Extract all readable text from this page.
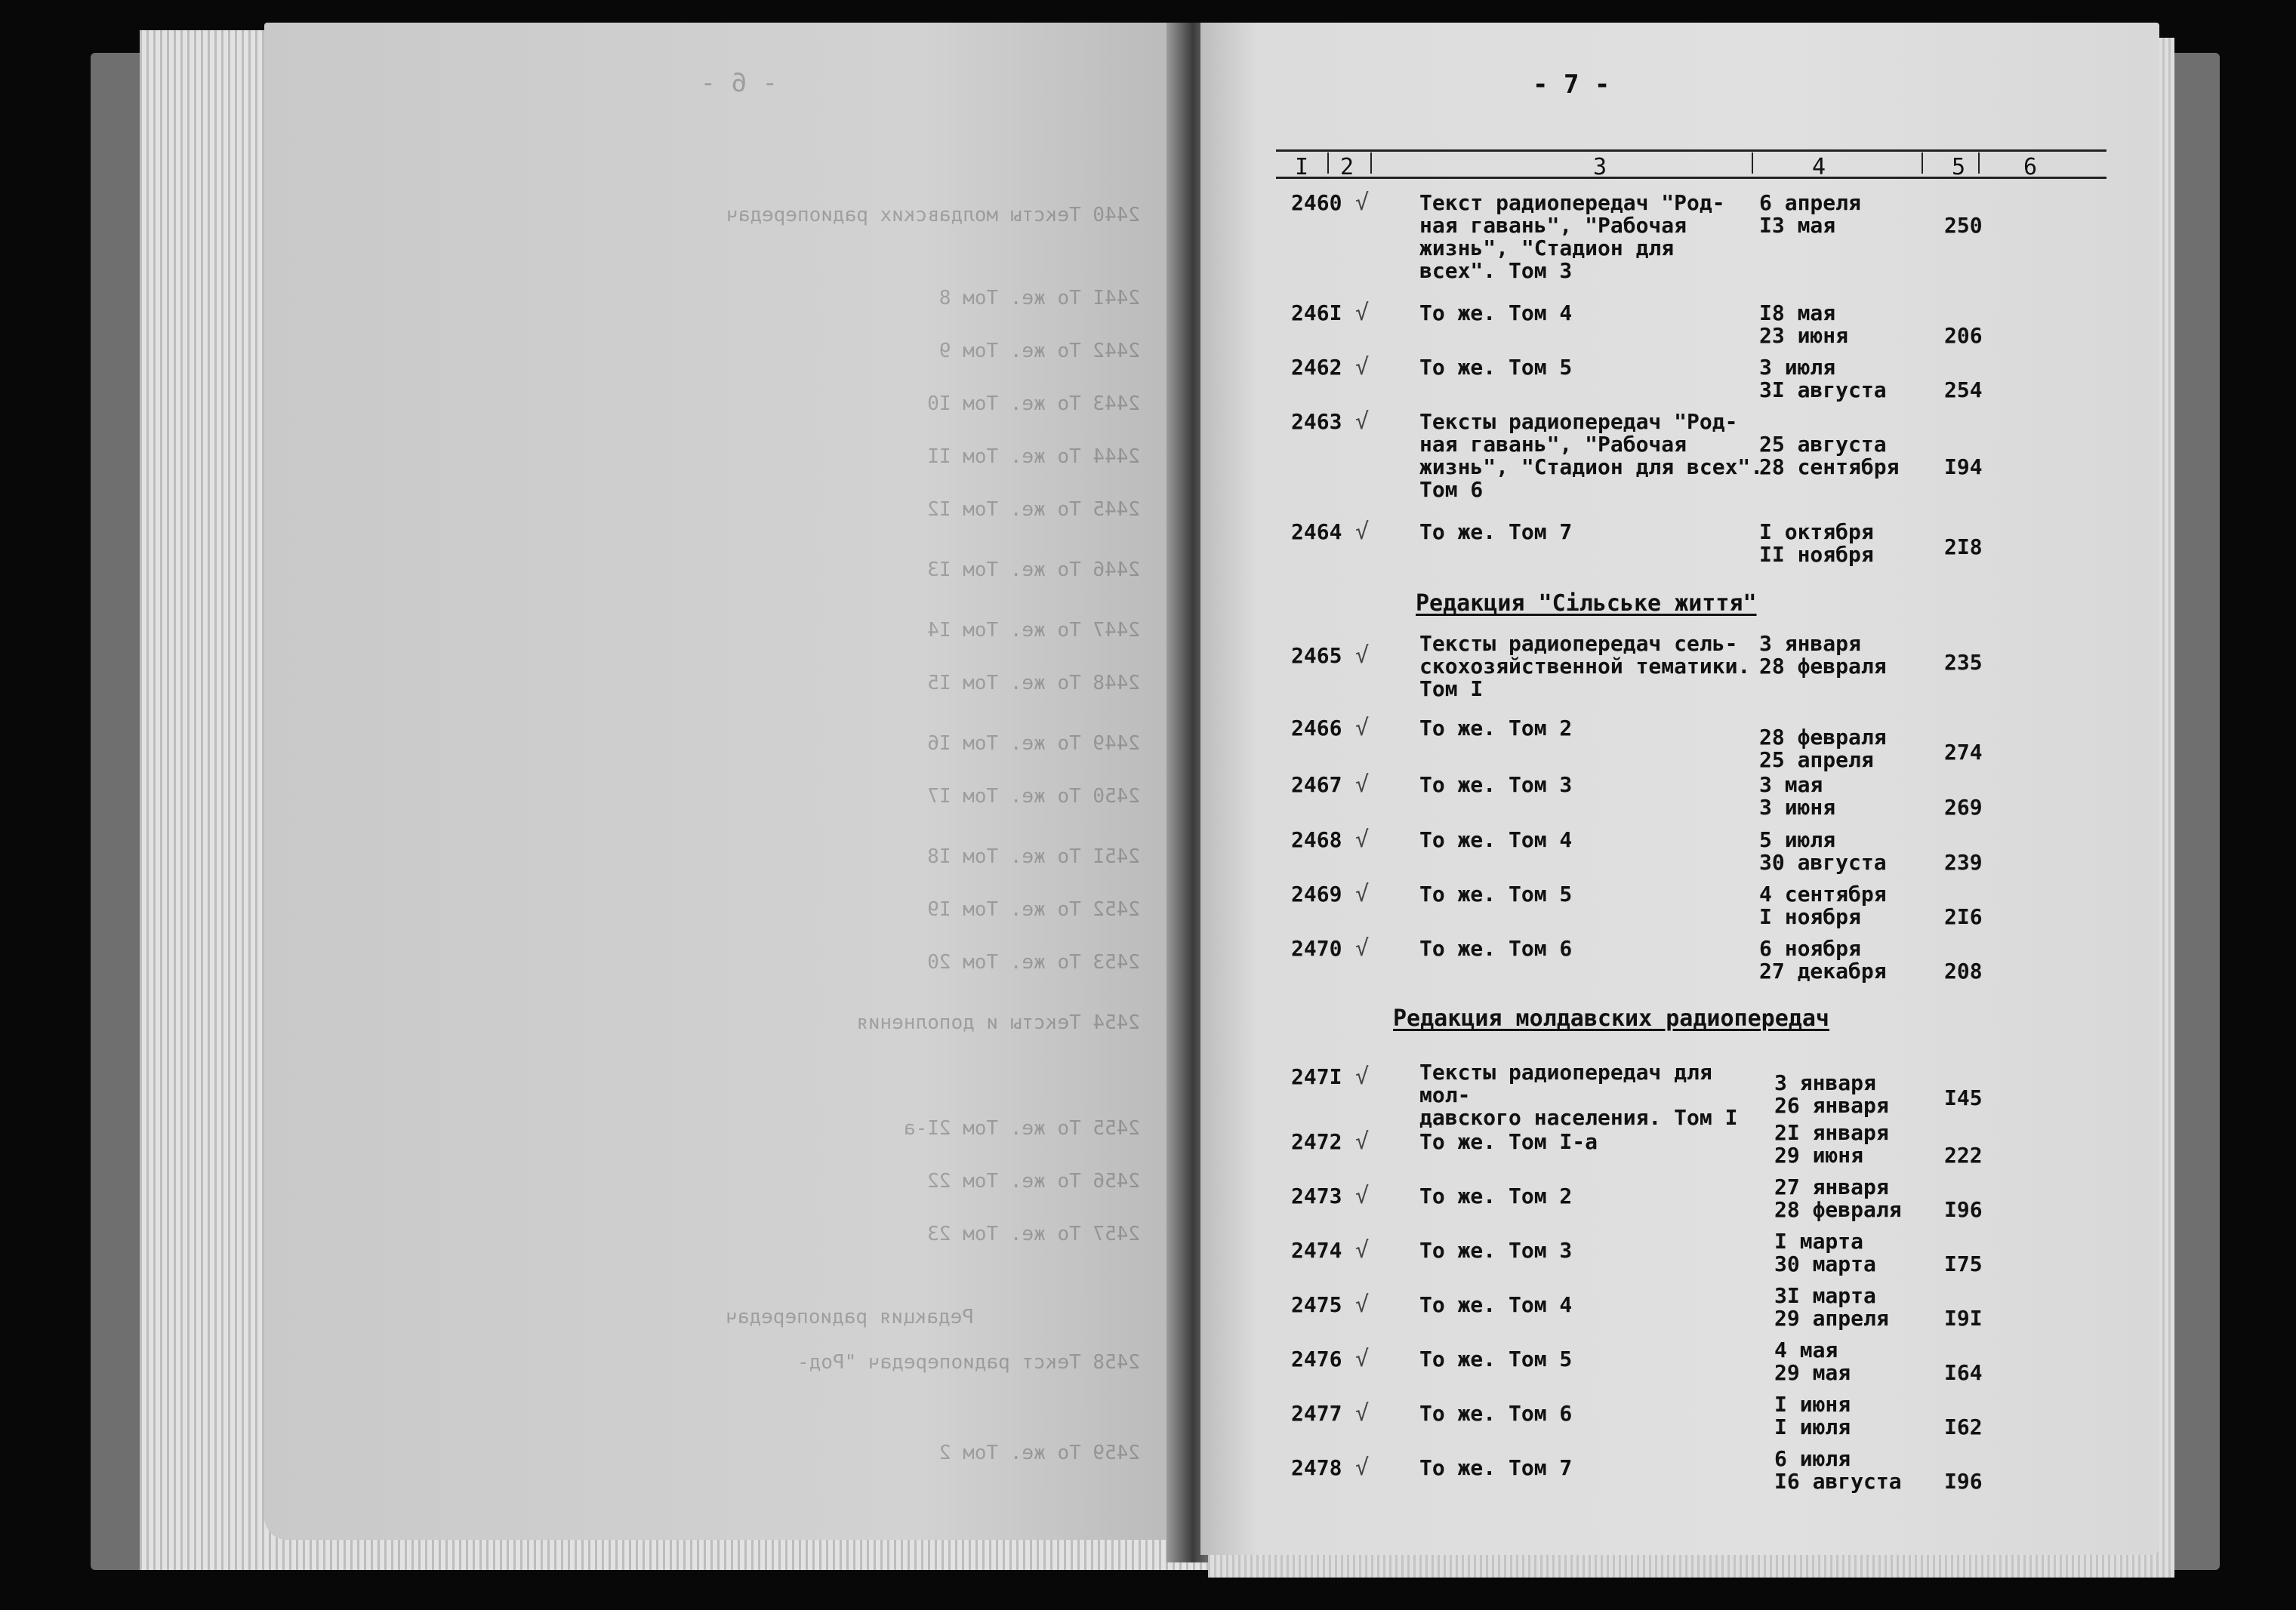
- 6 -
2440 Тексты молдавских радиопередач
244I То же. Том 8
2442 То же. Том 9
2443 То же. Том I0
2444 То же. Том II
2445 То же. Том I2
2446 То же. Том I3
2447 То же. Том I4
2448 То же. Том I5
2449 То же. Том I6
2450 То же. Том I7
245I То же. Том I8
2452 То же. Том I9
2453 То же. Том 20
2454 Тексты и дополнения
2455 То же. Том 2I-а
2456 То же. Том 22
2457 То же. Том 23
Редакция радиопередач
2458 Текст радиопередач "Род-
2459 То же. Том 2
- 7 -
I 2	3	4	5	6
2460 √ Текст радиопередач "Род-
ная гавань", "Рабочая
жизнь", "Стадион для
всех". Том 3
6 апреля
I3 мая	250
246I √ То же. Том 4	I8 мая
23 июня	206
2462 √ То же. Том 5	3 июля
3I августа	254
2463 √ Тексты радиопередач "Род-
ная гавань", "Рабочая
жизнь", "Стадион для всех".
Том 6
25 августа
28 сентября I94
2464 √ То же. Том 7	I октября
II ноября	2I8
Редакция "Сільське життя"
2465 √ Тексты радиопередач сель-
скохозяйственной тематики.
Том I
3 января
28 февраля	235
2466 √ То же. Том 2	28 февраля
25 апреля	274
2467 √ То же. Том 3	3 мая
3 июня	269
2468 √ То же. Том 4	5 июля
30 августа	239
2469 √ То же. Том 5	4 сентября
I ноября	2I6
2470 √ То же. Том 6	6 ноября
27 декабря	208
Редакция молдавских радиопередач
247I √ Тексты радиопередач для мол-
давского населения. Том I
3 января
26 января	I45
2472 √ То же. Том I-а	2I января
29 июня	222
2473 √ То же. Том 2	27 января
28 февраля I96
2474 √ То же. Том 3	I марта
30 марта	I75
2475 √ То же. Том 4	3I марта
29 апреля	I9I
2476 √ То же. Том 5	4 мая
29 мая	I64
2477 √ То же. Том 6	I июня
I июля	I62
2478 √ То же. Том 7	6 июля
I6 августа I96
